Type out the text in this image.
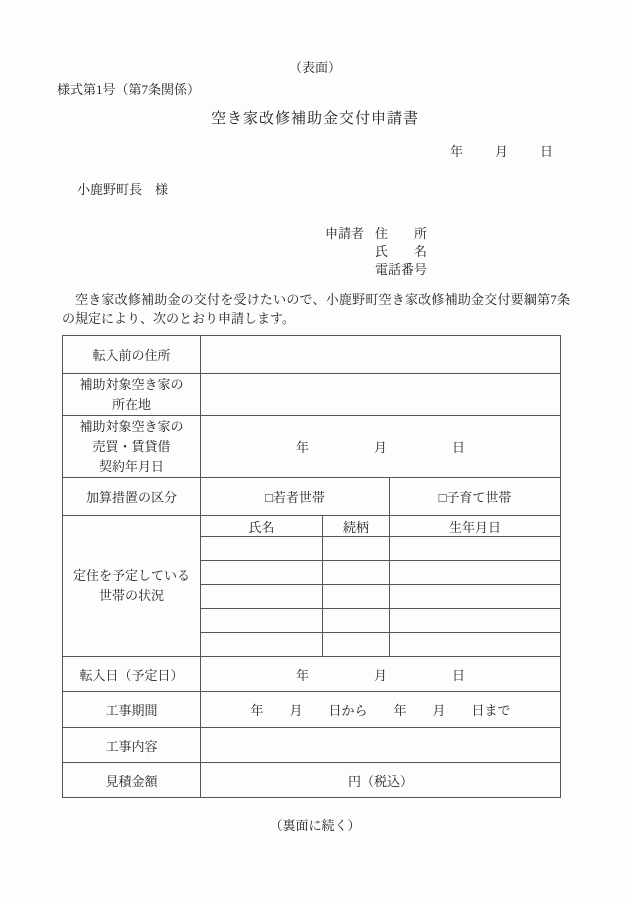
（表面）
様式第1号（第7条関係）
空き家改修補助金交付申請書
年　　月　　日
小鹿野町長　様
申請者 住　　所
氏　　名
電話番号
空き家改修補助金の交付を受けたいので、小鹿野町空き家改修補助金交付要綱第7条の規定により、次のとおり申請します。
転入前の住所			

補助対象空き家の
所在地			

補助対象空き家の
売買・賃貸借
契約年月日	年　　　　　月　　　　　日		
加算措置の区分	□若者世帯		□子育て世帯

定住を予定している
世帯の状況	氏名	続柄	生年月日

転入日（予定日）	年　　　　　月　　　　　日		
工事期間	年　　月　　日から　　年　　月　　日まで		
工事内容			
見積金額	円（税込）		
（裏面に続く）
